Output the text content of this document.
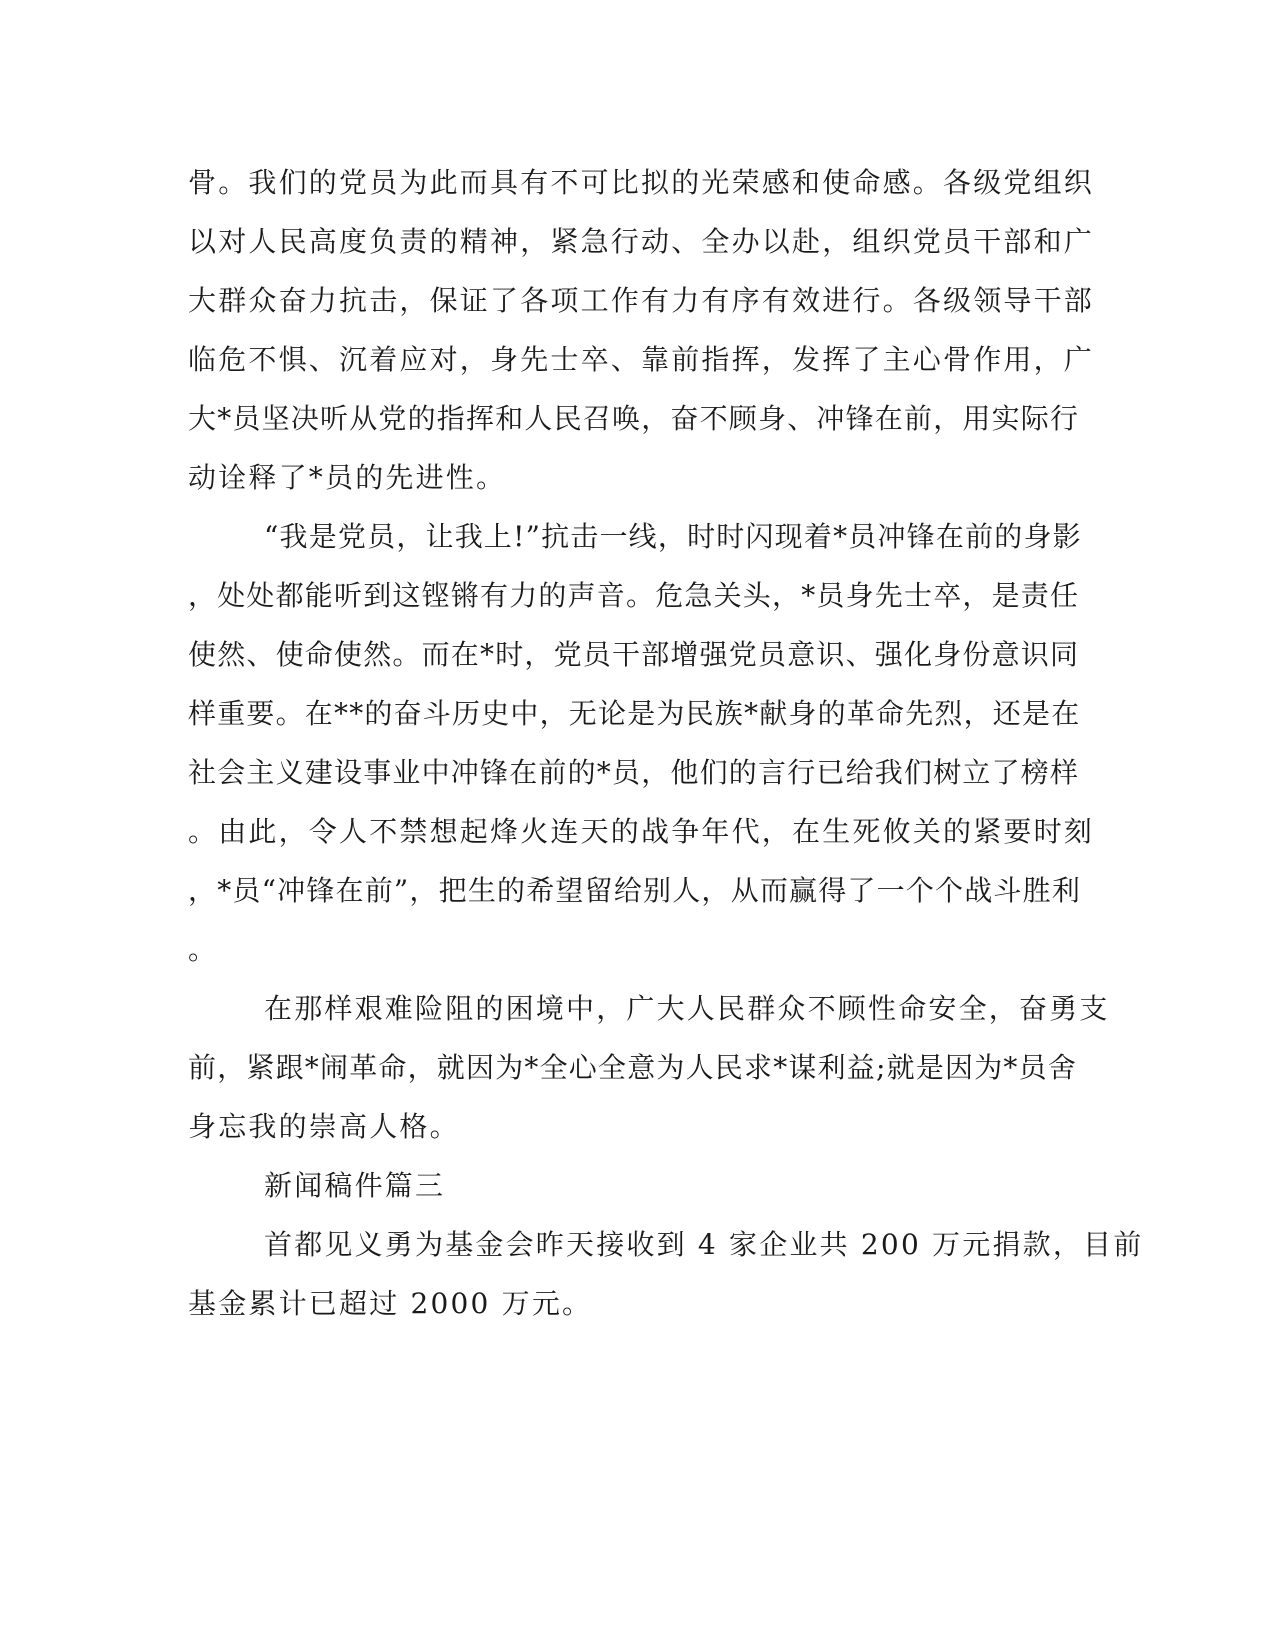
骨。我们的党员为此而具有不可比拟的光荣感和使命感。各级党组织
以对人民高度负责的精神，紧急行动、全办以赴，组织党员干部和广
大群众奋力抗击，保证了各项工作有力有序有效进行。各级领导干部
临危不惧、沉着应对，身先士卒、靠前指挥，发挥了主心骨作用，广
大*员坚决听从党的指挥和人民召唤，奋不顾身、冲锋在前，用实际行
动诠释了*员的先进性。
“我是党员，让我上!”抗击一线，时时闪现着*员冲锋在前的身影
，处处都能听到这铿锵有力的声音。危急关头，*员身先士卒，是责任
使然、使命使然。而在*时，党员干部增强党员意识、强化身份意识同
样重要。在**的奋斗历史中，无论是为民族*献身的革命先烈，还是在
社会主义建设事业中冲锋在前的*员，他们的言行已给我们树立了榜样
。由此，令人不禁想起烽火连天的战争年代，在生死攸关的紧要时刻
，*员“冲锋在前”，把生的希望留给别人，从而赢得了一个个战斗胜利
。
在那样艰难险阻的困境中，广大人民群众不顾性命安全，奋勇支
前，紧跟*闹革命，就因为*全心全意为人民求*谋利益;就是因为*员舍
身忘我的崇高人格。
新闻稿件篇三
首都见义勇为基金会昨天接收到 4 家企业共 200 万元捐款，目前
基金累计已超过 2000 万元。
